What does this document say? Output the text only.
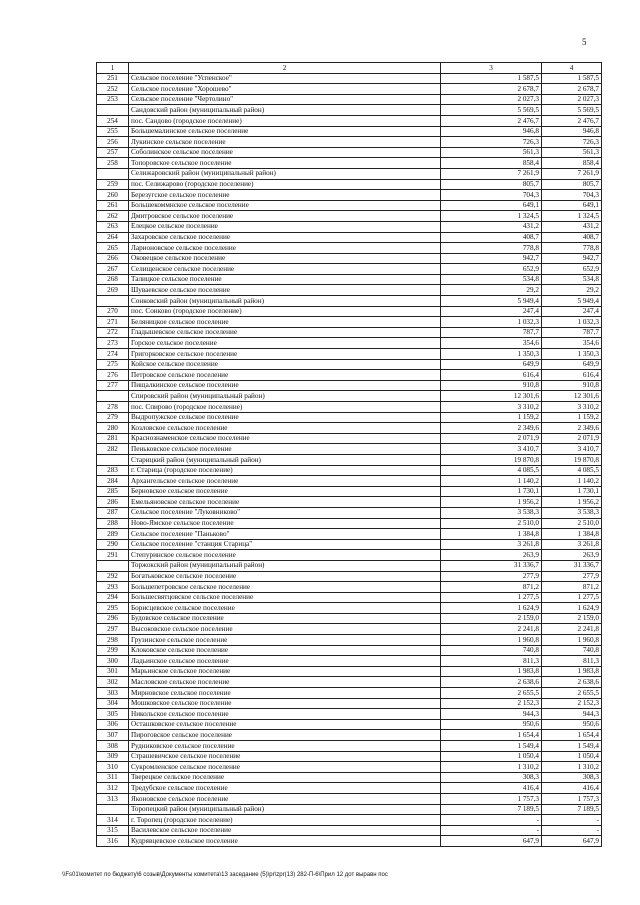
5
1	2	3	4
251	Сельское поселение "Успенское"	1 587,5	1 587,5
252	Сельское поселение "Хорошево"	2 678,7	2 678,7
253	Сельское поселение "Чертолино"	2 027,3	2 027,3
	Сандовский район (муниципальный район)	5 569,5	5 569,5
254	пос. Сандово (городское поселение)	2 476,7	2 476,7
255	Большемалинское сельское поселение	946,8	946,8
256	Лукинское сельское поселение	726,3	726,3
257	Соболинское сельское поселение	561,3	561,3
258	Топоровское сельское поселение	858,4	858,4
	Селижаровский район (муниципальный район)	7 261,9	7 261,9
259	пос. Селижарово (городское поселение)	805,7	805,7
260	Березугское сельское поселение	704,3	704,3
261	Большекоммнское сельское поселение	649,1	649,1
262	Дмитровское сельское поселение	1 324,5	1 324,5
263	Елецкое сельское поселение	431,2	431,2
264	Захаровское сельское поселение	408,7	408,7
265	Ларионовское сельское поселение	778,8	778,8
266	Оковецкое сельское поселение	942,7	942,7
267	Селищенское сельское поселение	652,9	652,9
268	Талицкое сельское поселение	534,8	534,8
269	Шуваевское сельское поселение	29,2	29,2
	Сонковский район (муниципальный район)	5 949,4	5 949,4
270	пос. Сонково (городское поселение)	247,4	247,4
271	Беляницкое сельское поселение	1 032,3	1 032,3
272	Гладышевское сельское поселение	787,7	787,7
273	Горское сельское поселение	354,6	354,6
274	Григорковское сельское поселение	1 350,3	1 350,3
275	Койское сельское поселение	649,9	649,9
276	Петровское сельское поселение	616,4	616,4
277	Пищалкинское сельское поселение	910,8	910,8
	Спировский район (муниципальный район)	12 301,6	12 301,6
278	пос. Спирово (городское поселение)	3 310,2	3 310,2
279	Выдропужское сельское поселение	1 159,2	1 159,2
280	Козловское сельское поселение	2 349,6	2 349,6
281	Краснознаменское сельское поселение	2 071,9	2 071,9
282	Пеньковское сельское поселение	3 410,7	3 410,7
	Старицкий район (муниципальный район)	19 870,8	19 870,8
283	г. Старица (городское поселение)	4 085,5	4 085,5
284	Архангельское сельское поселение	1 140,2	1 140,2
285	Берновское сельское поселение	1 730,1	1 730,1
286	Емельяновское сельское поселение	1 956,2	1 956,2
287	Сельское поселение "Луковниково"	3 538,3	3 538,3
288	Ново-Ямское сельское поселение	2 510,0	2 510,0
289	Сельское поселение "Паньково"	1 384,8	1 384,8
290	Сельское поселение "станция Старица"	3 261,8	3 261,8
291	Степуринское сельское поселение	263,9	263,9
	Торжокский район (муниципальный район)	31 336,7	31 336,7
292	Богатьковское сельское поселение	277,9	277,9
293	Большепетровское сельское поселение	871,2	871,2
294	Большесвятцовское сельское поселение	1 277,5	1 277,5
295	Борисцевское сельское поселение	1 624,9	1 624,9
296	Будовское сельское поселение	2 159,0	2 159,0
297	Высоковское сельское поселение	2 241,8	2 241,8
298	Грузинское сельское поселение	1 960,8	1 960,8
299	Клоковское сельское поселение	740,8	740,8
300	Ладьинское сельское поселение	811,3	811,3
301	Марьинское сельское поселение	1 983,8	1 983,8
302	Масловское сельское поселение	2 638,6	2 638,6
303	Мирновское сельское поселение	2 655,5	2 655,5
304	Мошковское сельское поселение	2 152,3	2 152,3
305	Никольское сельское поселение	944,3	944,3
306	Осташковское сельское поселение	950,6	950,6
307	Пироговское сельское поселение	1 654,4	1 654,4
308	Рудниковское сельское поселение	1 549,4	1 549,4
309	Страшевичское сельское поселение	1 050,4	1 050,4
310	Сукромленское сельское поселение	1 310,2	1 310,2
311	Тверецкое сельское поселение	308,3	308,3
312	Тредубское сельское поселение	416,4	416,4
313	Яконовское сельское поселение	1 757,3	1 757,3
	Торопецкий район (муниципальный район)	7 189,5	7 189,5
314	г. Торопец (городское поселение)	-	-
315	Василевское сельское поселение	-	-
316	Кудрявцевское сельское поселение	647,9	647,9
\\Fs01\комитет по бюджету\6 созыв\Документы комитета\13 заседание (5)\pr\zpr(13) 282-П-6\Прил 12 дот выравн пос
